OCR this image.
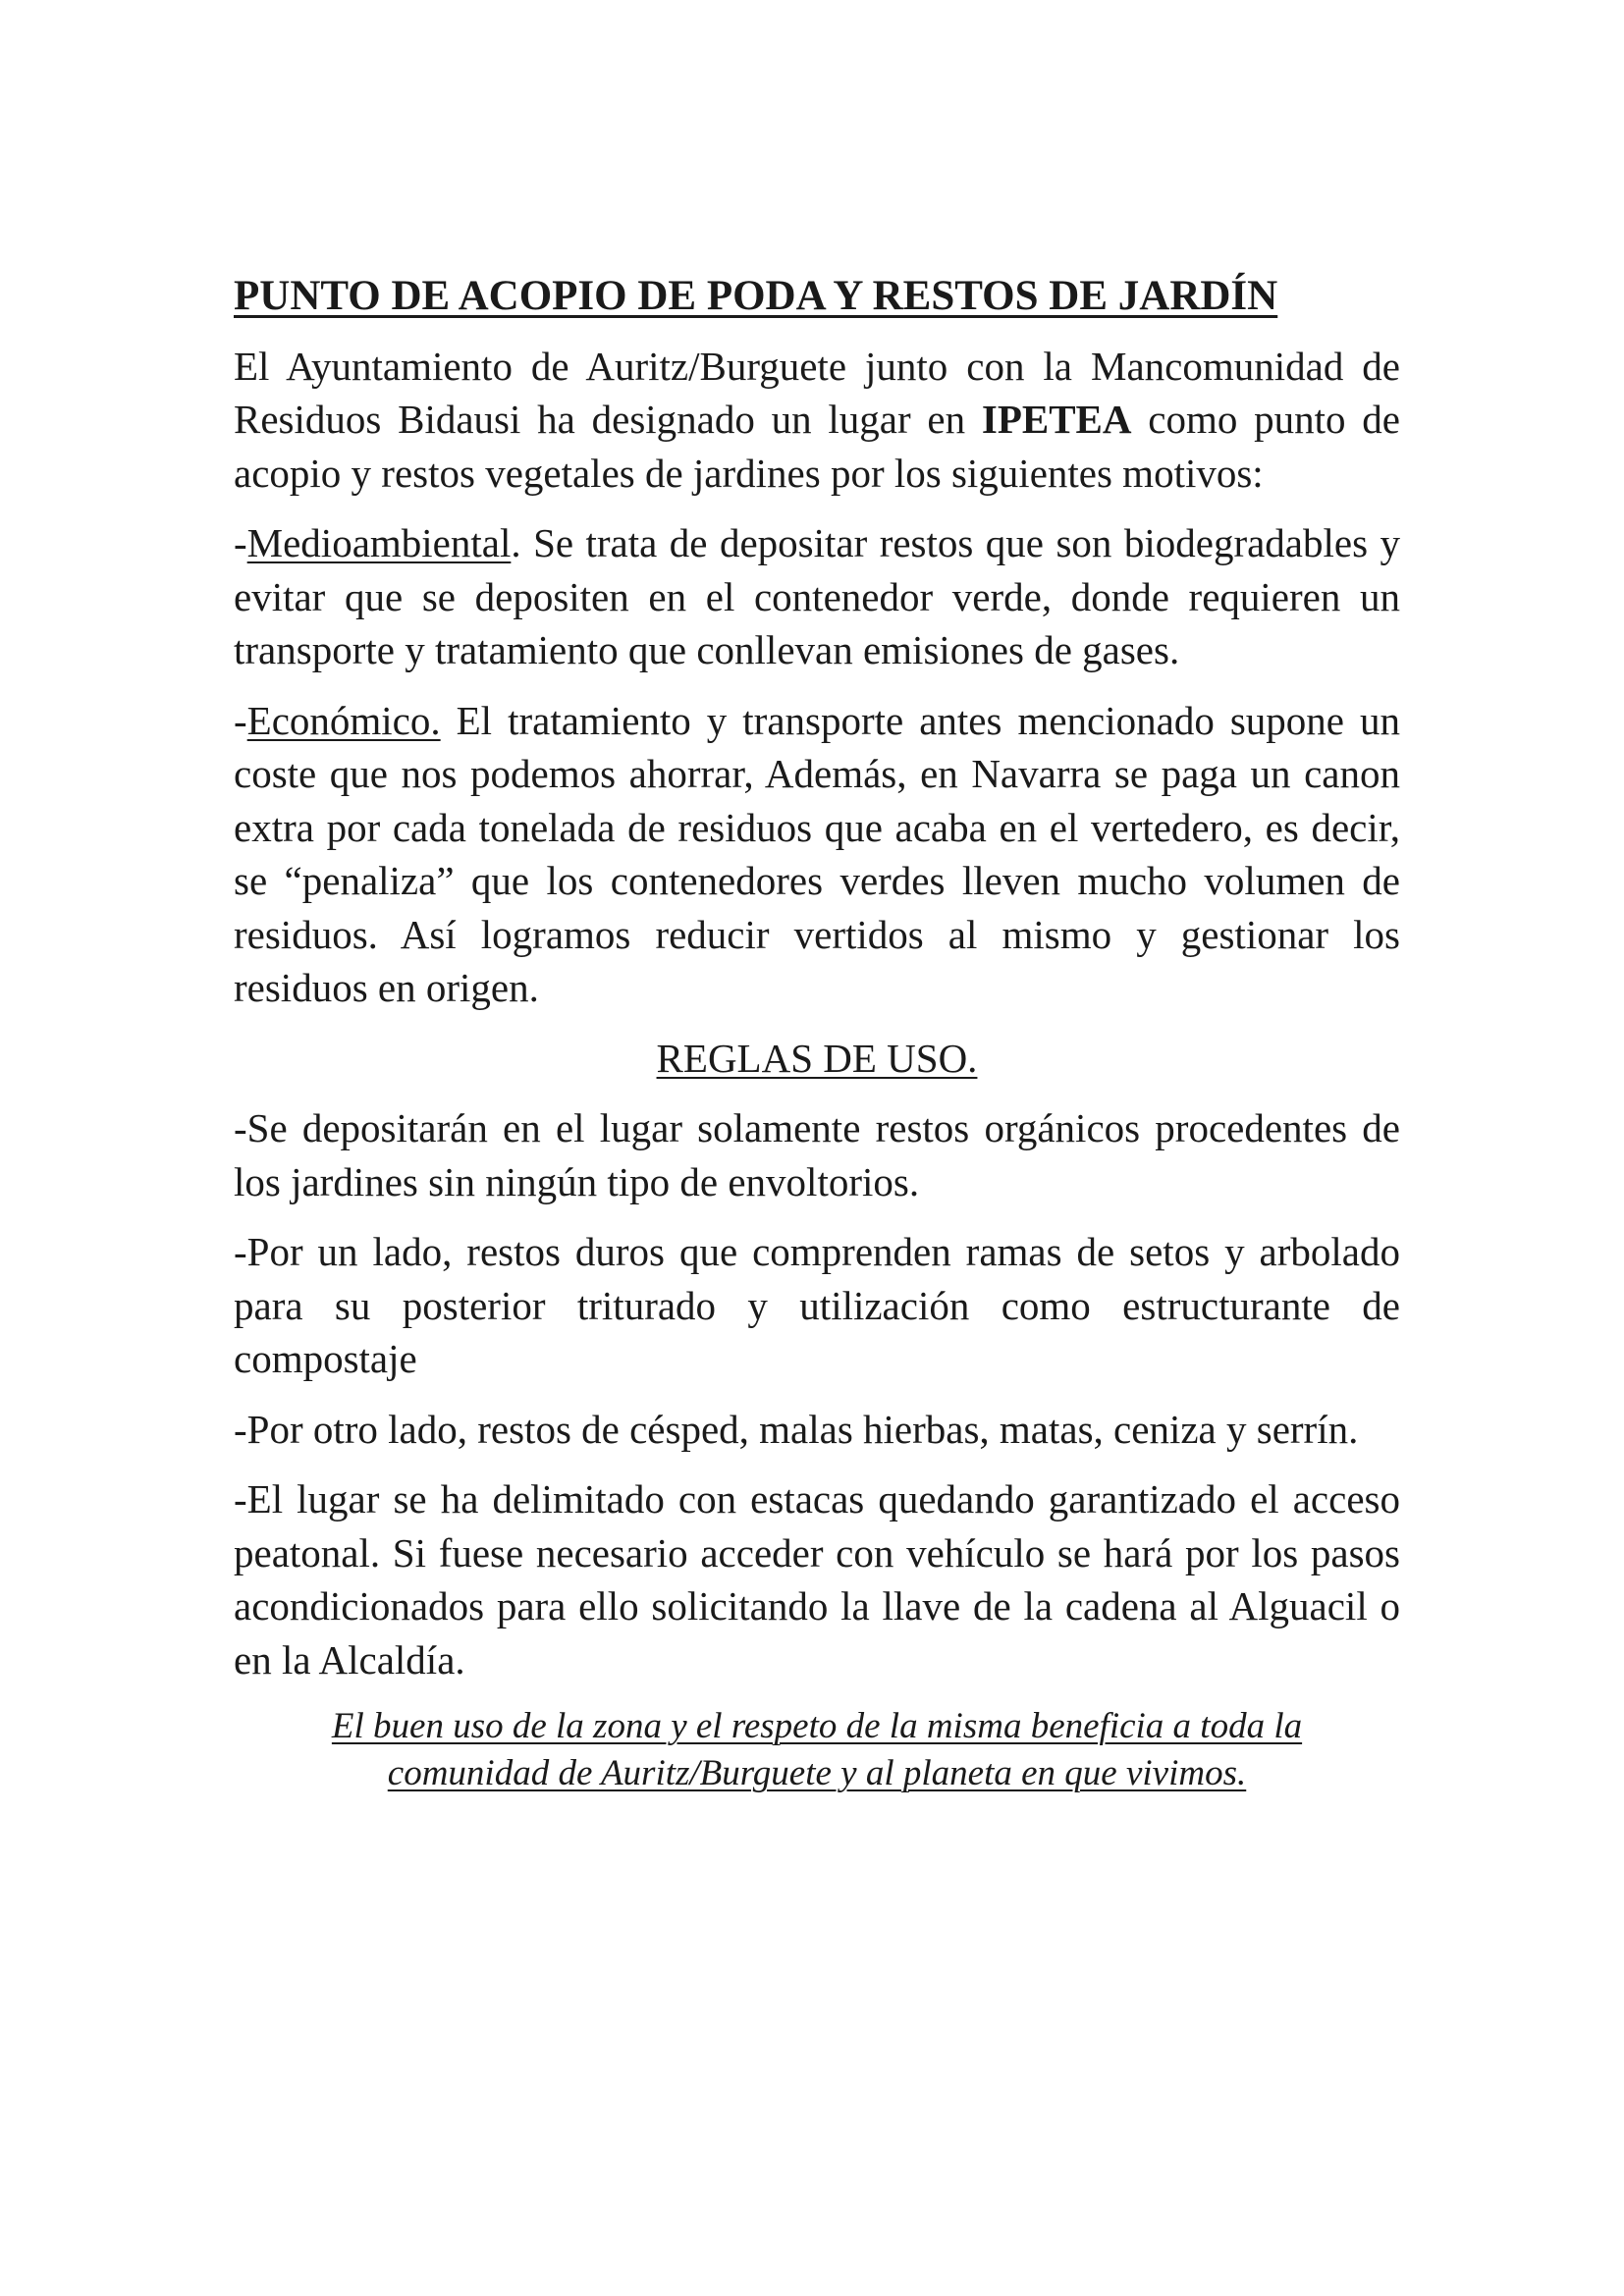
PUNTO DE ACOPIO DE PODA Y RESTOS DE JARDÍN

El Ayuntamiento de Auritz/Burguete junto con la Mancomunidad de Residuos Bidausi ha designado un lugar en IPETEA como punto de acopio y restos vegetales de jardines por los siguientes motivos:

-Medioambiental. Se trata de depositar restos que son biodegradables y evitar que se depositen en el contenedor verde, donde requieren un transporte y tratamiento que conllevan emisiones de gases.

-Económico. El tratamiento y transporte antes mencionado supone un coste que nos podemos ahorrar, Además, en Navarra se paga un canon extra por cada tonelada de residuos que acaba en el vertedero, es decir, se “penaliza” que los contenedores verdes lleven mucho volumen de residuos. Así logramos reducir vertidos al mismo y gestionar los residuos en origen.

REGLAS DE USO.

-Se depositarán en el lugar solamente restos orgánicos procedentes de los jardines sin ningún tipo de envoltorios.

-Por un lado, restos duros que comprenden ramas de setos y arbolado para su posterior triturado y utilización como estructurante de compostaje

-Por otro lado, restos de césped, malas hierbas, matas, ceniza y serrín.

-El lugar se ha delimitado con estacas quedando garantizado el acceso peatonal. Si fuese necesario acceder con vehículo se hará por los pasos acondicionados para ello solicitando la llave de la cadena al Alguacil o en la Alcaldía.

El buen uso de la zona y el respeto de la misma beneficia a toda la
comunidad de Auritz/Burguete y al planeta en que vivimos.
